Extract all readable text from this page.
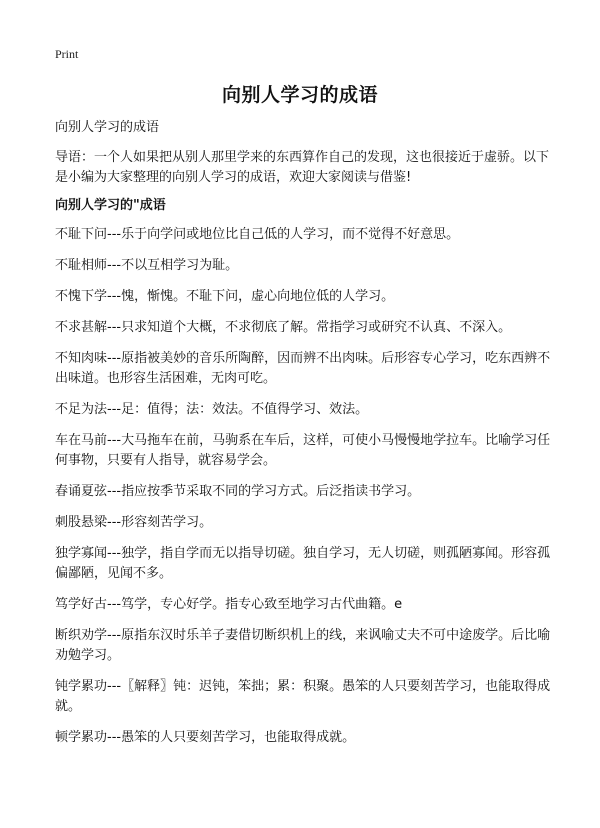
Print
向别人学习的成语
向别人学习的成语
导语：一个人如果把从别人那里学来的东西算作自己的发现，这也很接近于虚骄。以下是小编为大家整理的向别人学习的成语，欢迎大家阅读与借鉴!
向别人学习的"成语
不耻下问---乐于向学问或地位比自己低的人学习，而不觉得不好意思。
不耻相师---不以互相学习为耻。
不愧下学---愧，惭愧。不耻下问，虚心向地位低的人学习。
不求甚解---只求知道个大概，不求彻底了解。常指学习或研究不认真、不深入。
不知肉味---原指被美妙的音乐所陶醉，因而辨不出肉味。后形容专心学习，吃东西辨不出味道。也形容生活困难，无肉可吃。
不足为法---足：值得；法：效法。不值得学习、效法。
车在马前---大马拖车在前，马驹系在车后，这样，可使小马慢慢地学拉车。比喻学习任何事物，只要有人指导，就容易学会。
春诵夏弦---指应按季节采取不同的学习方式。后泛指读书学习。
刺股悬梁---形容刻苦学习。
独学寡闻---独学，指自学而无以指导切磋。独自学习，无人切磋，则孤陋寡闻。形容孤偏鄙陋，见闻不多。
笃学好古---笃学，专心好学。指专心致至地学习古代曲籍。e
断织劝学---原指东汉时乐羊子妻借切断织机上的线，来讽喻丈夫不可中途废学。后比喻劝勉学习。
钝学累功---〖解释〗钝：迟钝，笨拙；累：积聚。愚笨的人只要刻苦学习，也能取得成就。
顿学累功---愚笨的人只要刻苦学习，也能取得成就。
